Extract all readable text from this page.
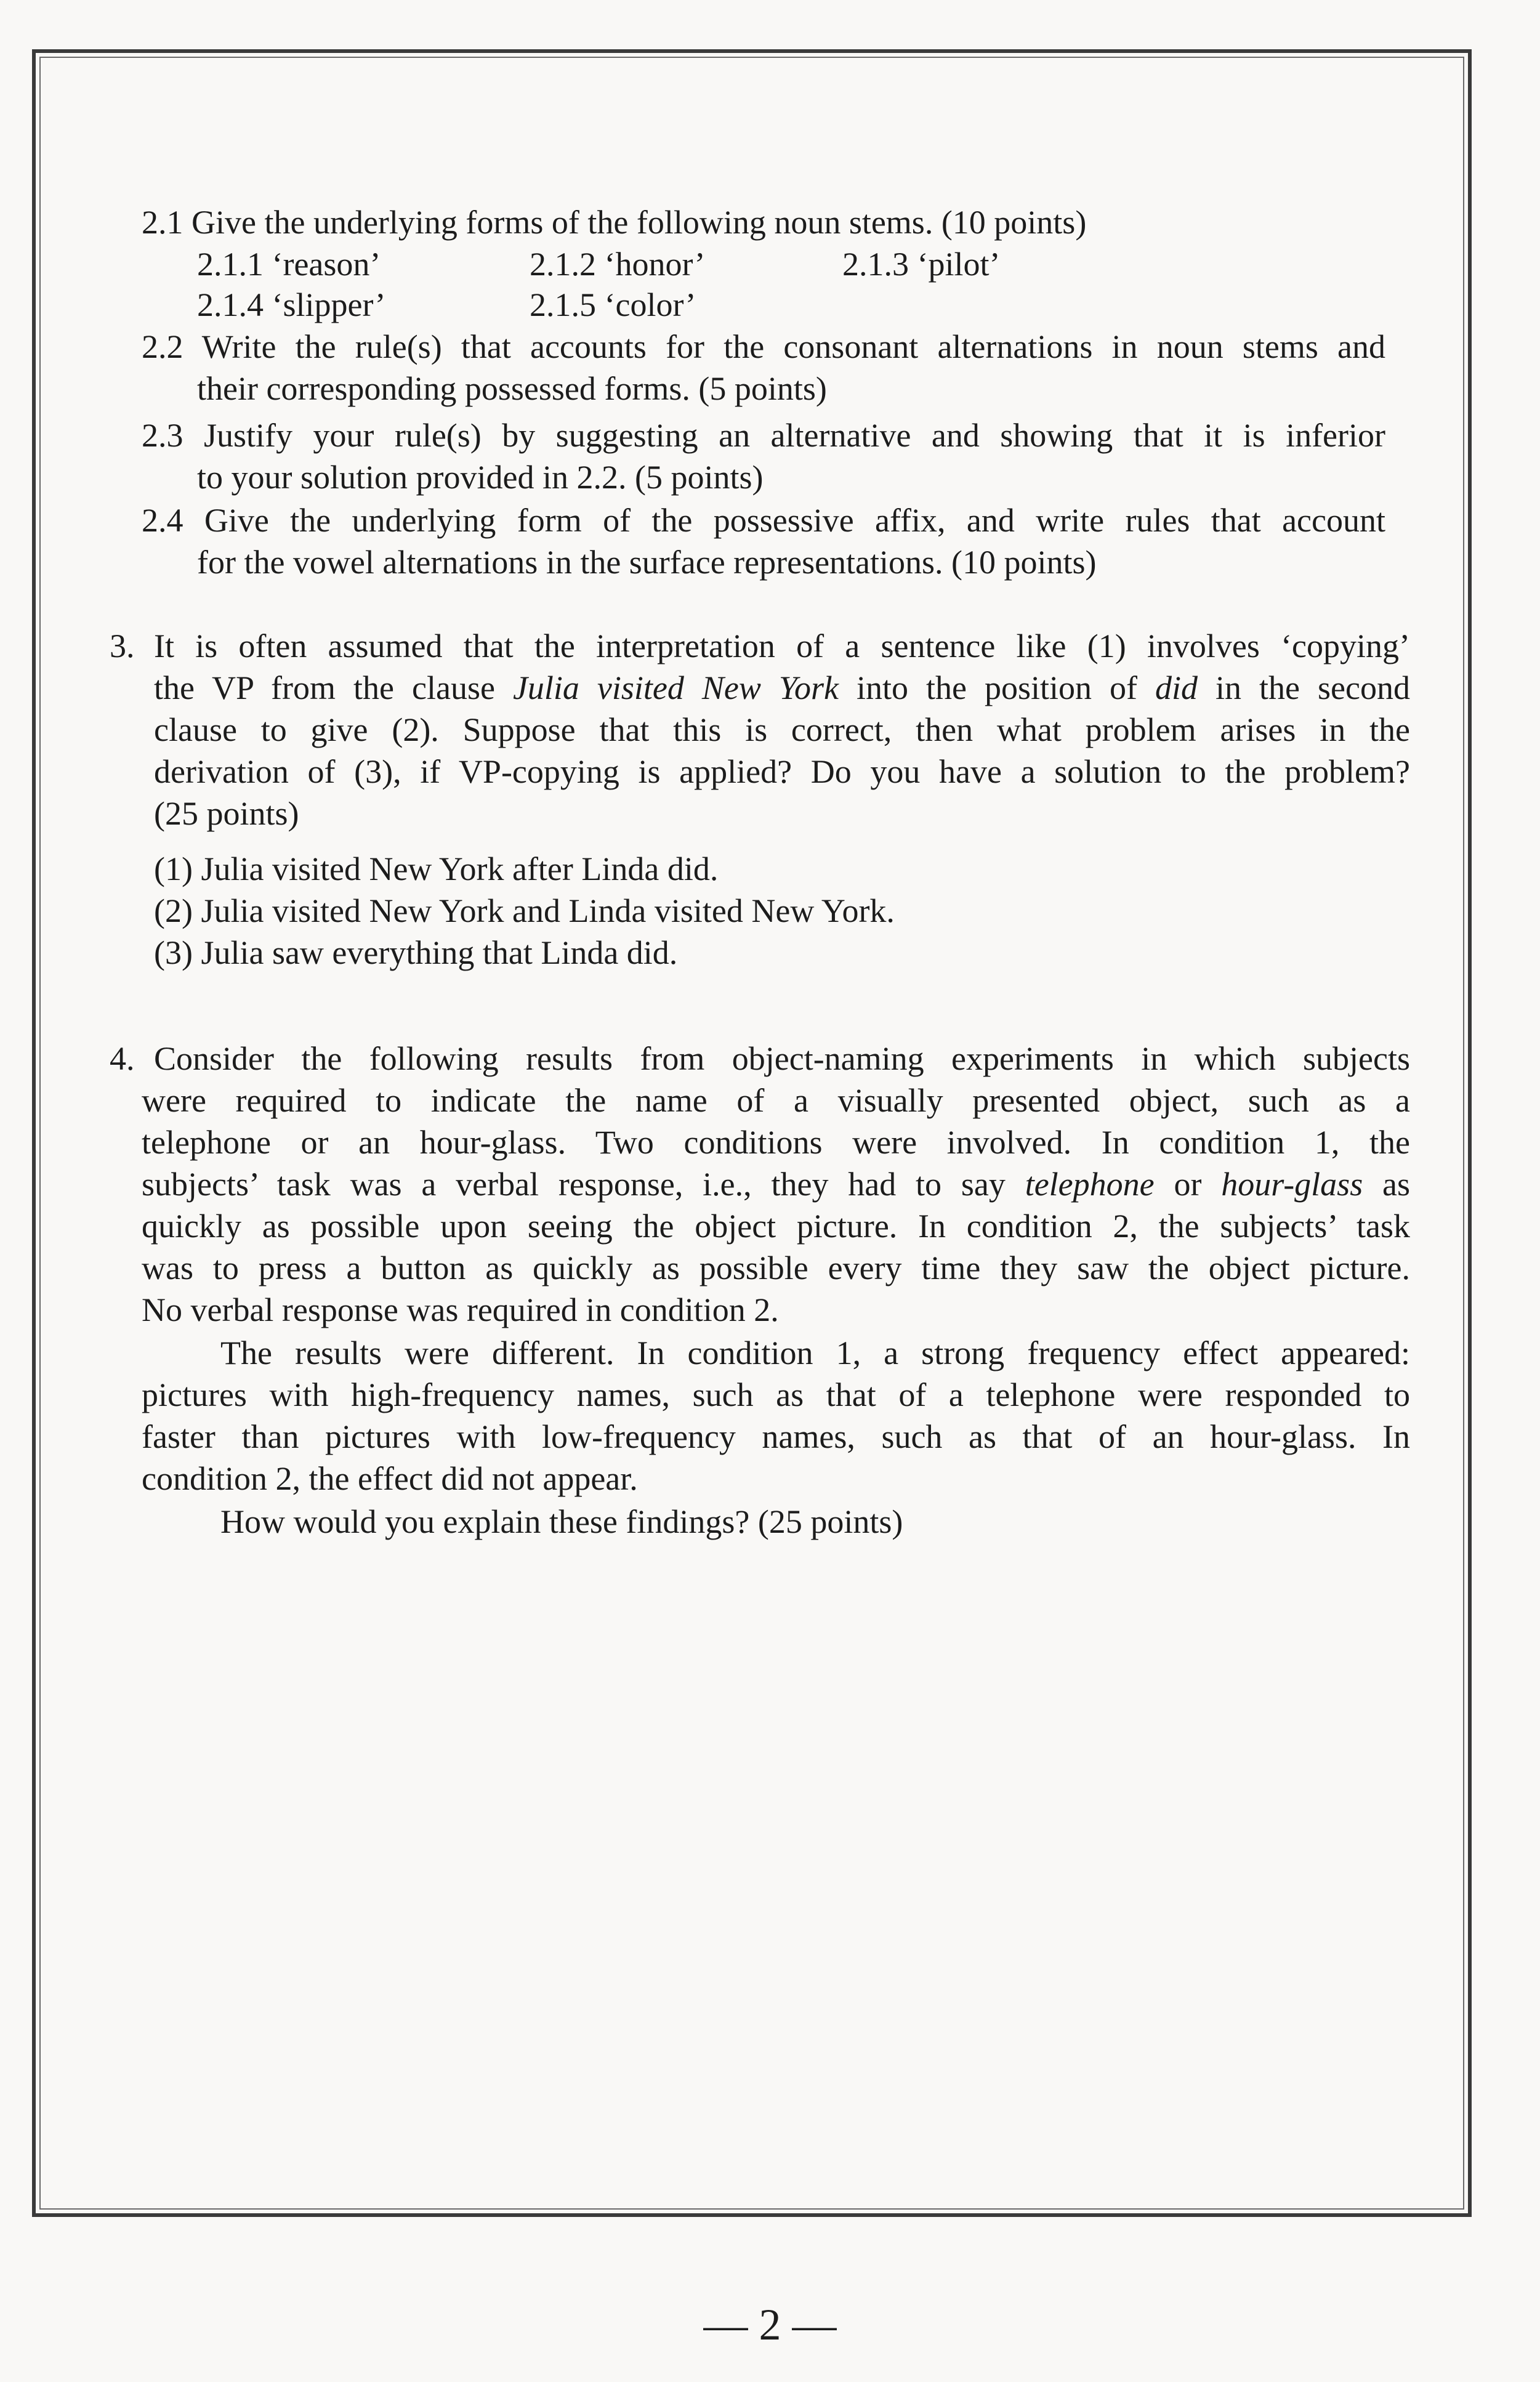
2.1 Give the underlying forms of the following noun stems. (10 points)
2.1.1 ‘reason’	2.1.2 ‘honor’	2.1.3 ‘pilot’
2.1.4 ‘slipper’	2.1.5 ‘color’
2.2 Write the rule(s) that accounts for the consonant alternations in noun stems and
their corresponding possessed forms. (5 points)
2.3 Justify your rule(s) by suggesting an alternative and showing that it is inferior
to your solution provided in 2.2. (5 points)
2.4 Give the underlying form of the possessive affix, and write rules that account
for the vowel alternations in the surface representations. (10 points)
3. It is often assumed that the interpretation of a sentence like (1) involves ‘copying’
the VP from the clause Julia visited New York into the position of did in the second
clause to give (2). Suppose that this is correct, then what problem arises in the
derivation of (3), if VP-copying is applied? Do you have a solution to the problem?
(25 points)
(1) Julia visited New York after Linda did.
(2) Julia visited New York and Linda visited New York.
(3) Julia saw everything that Linda did.
4. Consider the following results from object-naming experiments in which subjects
were required to indicate the name of a visually presented object, such as a
telephone or an hour-glass. Two conditions were involved. In condition 1, the
subjects’ task was a verbal response, i.e., they had to say telephone or hour-glass as
quickly as possible upon seeing the object picture. In condition 2, the subjects’ task
was to press a button as quickly as possible every time they saw the object picture.
No verbal response was required in condition 2.
The results were different. In condition 1, a strong frequency effect appeared:
pictures with high-frequency names, such as that of a telephone were responded to
faster than pictures with low-frequency names, such as that of an hour-glass. In
condition 2, the effect did not appear.
How would you explain these findings? (25 points)
— 2 —
